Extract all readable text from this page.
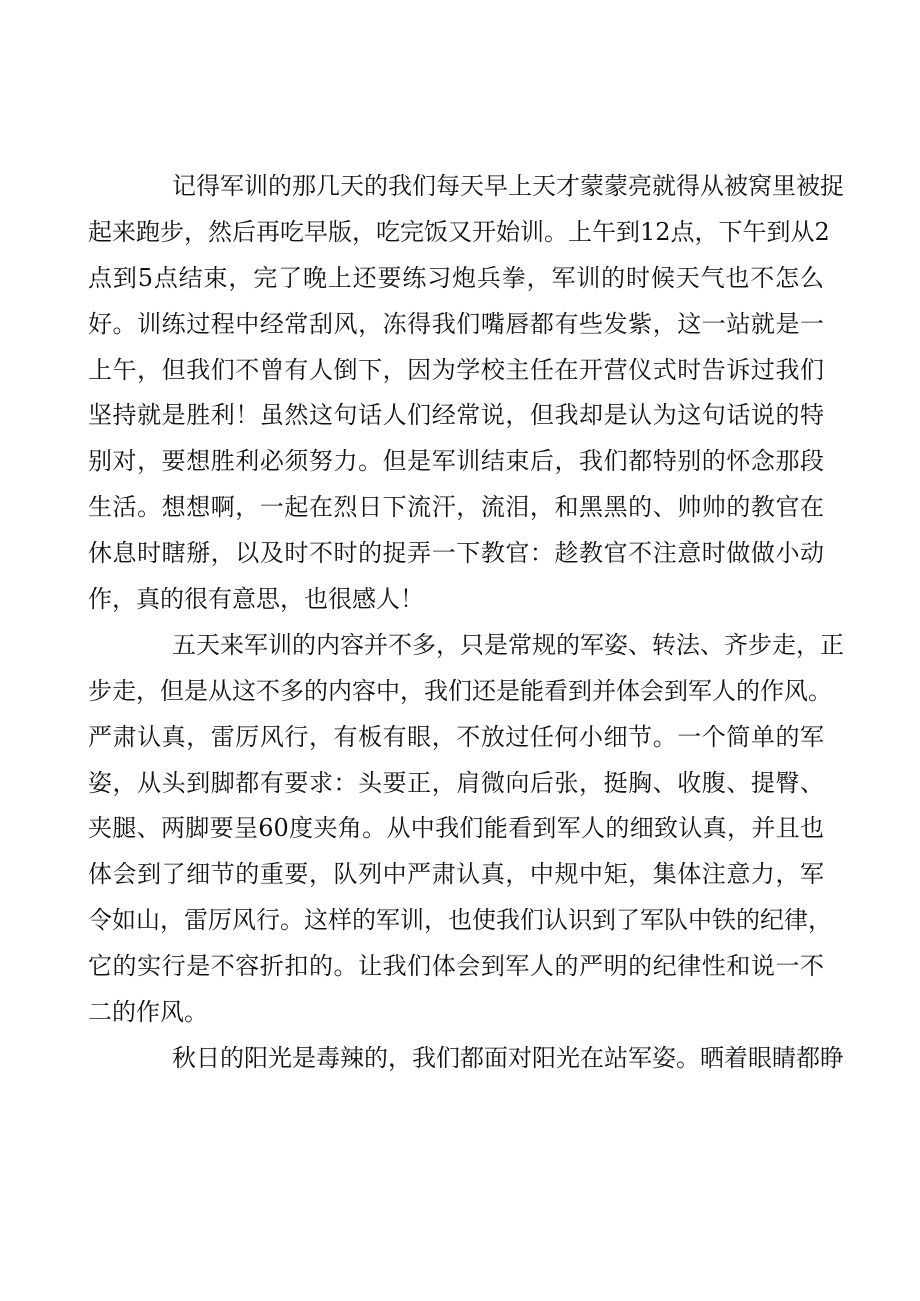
记得军训的那几天的我们每天早上天才蒙蒙亮就得从被窝里被捉
起来跑步，然后再吃早版，吃完饭又开始训。上午到12点，下午到从2
点到5点结束，完了晚上还要练习炮兵拳，军训的时候天气也不怎么
好。训练过程中经常刮风，冻得我们嘴唇都有些发紫，这一站就是一
上午，但我们不曾有人倒下，因为学校主任在开营仪式时告诉过我们
坚持就是胜利！虽然这句话人们经常说，但我却是认为这句话说的特
别对，要想胜利必须努力。但是军训结束后，我们都特别的怀念那段
生活。想想啊，一起在烈日下流汗，流泪，和黑黑的、帅帅的教官在
休息时瞎掰，以及时不时的捉弄一下教官：趁教官不注意时做做小动
作，真的很有意思，也很感人！
五天来军训的内容并不多，只是常规的军姿、转法、齐步走，正
步走，但是从这不多的内容中，我们还是能看到并体会到军人的作风。
严肃认真，雷厉风行，有板有眼，不放过任何小细节。一个简单的军
姿，从头到脚都有要求：头要正，肩微向后张，挺胸、收腹、提臀、
夹腿、两脚要呈60度夹角。从中我们能看到军人的细致认真，并且也
体会到了细节的重要，队列中严肃认真，中规中矩，集体注意力，军
令如山，雷厉风行。这样的军训，也使我们认识到了军队中铁的纪律，
它的实行是不容折扣的。让我们体会到军人的严明的纪律性和说一不
二的作风。
秋日的阳光是毒辣的，我们都面对阳光在站军姿。晒着眼睛都睁
